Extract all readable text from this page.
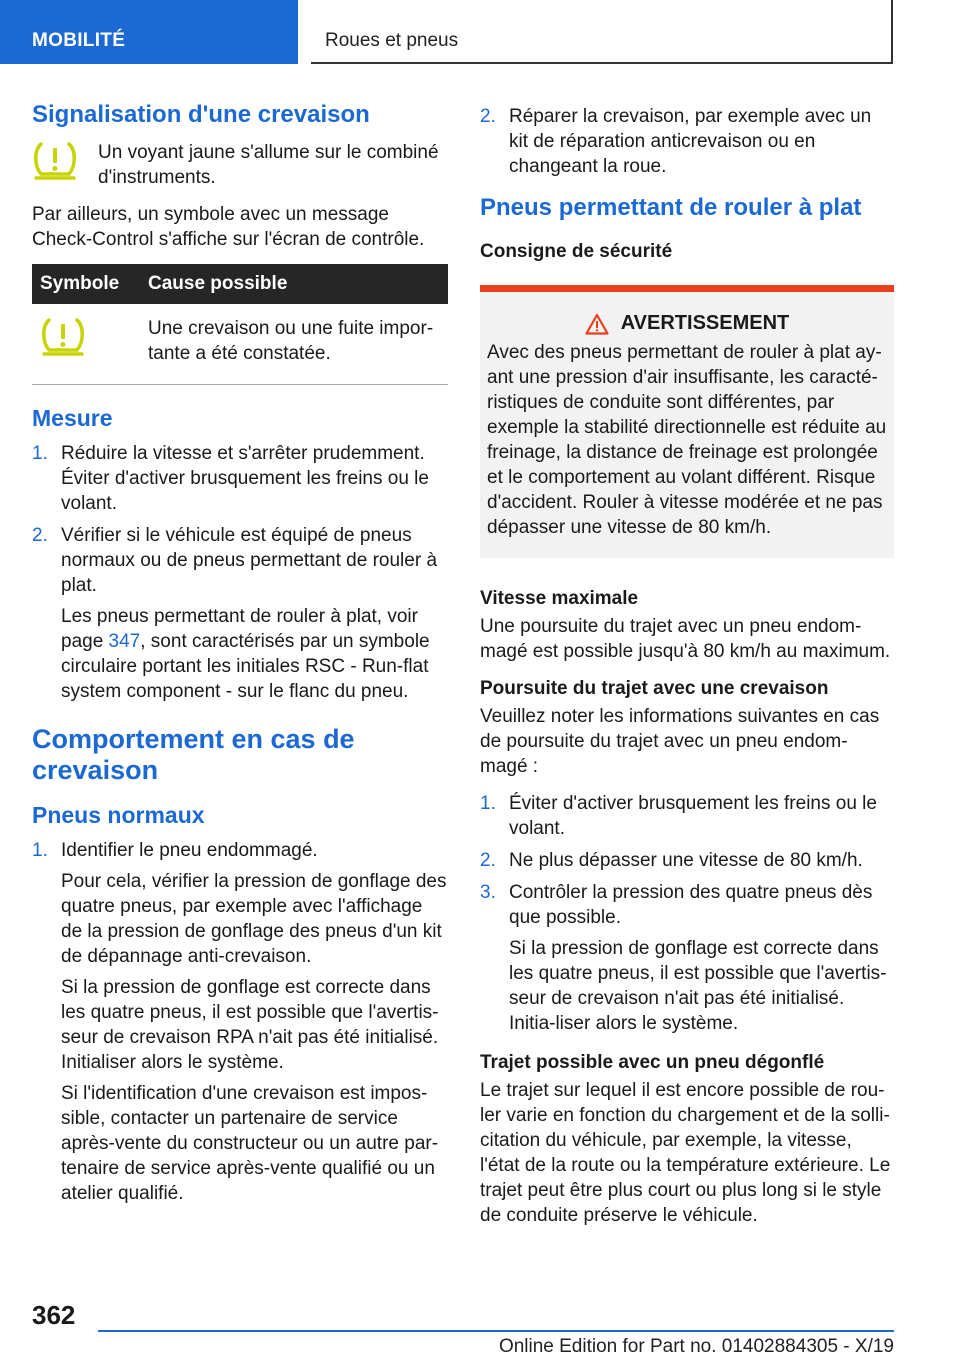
MOBILITÉ	Roues et pneus
Signalisation d'une crevaison
Un voyant jaune s'allume sur le combiné d'instruments.

Par ailleurs, un symbole avec un message Check-Control s'affiche sur l'écran de contrôle.

Symbole	Cause possible
	Une crevaison ou une fuite impor-tante a été constatée.
Mesure
1. Réduire la vitesse et s'arrêter prudemment. Éviter d'activer brusquement les freins ou le volant.
2. Vérifier si le véhicule est équipé de pneus normaux ou de pneus permettant de rouler à plat.

Les pneus permettant de rouler à plat, voir page 347, sont caractérisés par un symbole circulaire portant les initiales RSC - Run-flat system component - sur le flanc du pneu.

Comportement en cas de crevaison
Pneus normaux
1. Identifier le pneu endommagé.

Pour cela, vérifier la pression de gonflage des quatre pneus, par exemple avec l'affichage de la pression de gonflage des pneus d'un kit de dépannage anti-crevaison.

Si la pression de gonflage est correcte dans les quatre pneus, il est possible que l'avertis-seur de crevaison RPA n'ait pas été initialisé. Initialiser alors le système.

Si l'identification d'une crevaison est impos-sible, contacter un partenaire de service après-vente du constructeur ou un autre par-tenaire de service après-vente qualifié ou un atelier qualifié.

2. Réparer la crevaison, par exemple avec un kit de réparation anticrevaison ou en changeant la roue.
Pneus permettant de rouler à plat
Consigne de sécurité
AVERTISSEMENT

Avec des pneus permettant de rouler à plat ay-ant une pression d'air insuffisante, les caracté-ristiques de conduite sont différentes, par exemple la stabilité directionnelle est réduite au freinage, la distance de freinage est prolongée et le comportement au volant différent. Risque d'accident. Rouler à vitesse modérée et ne pas dépasser une vitesse de 80 km/h.

Vitesse maximale

Une poursuite du trajet avec un pneu endom-magé est possible jusqu'à 80 km/h au maximum.

Poursuite du trajet avec une crevaison

Veuillez noter les informations suivantes en cas de poursuite du trajet avec un pneu endom-magé :

1. Éviter d'activer brusquement les freins ou le volant.
2. Ne plus dépasser une vitesse de 80 km/h.
3. Contrôler la pression des quatre pneus dès que possible.

Si la pression de gonflage est correcte dans les quatre pneus, il est possible que l'avertis-seur de crevaison n'ait pas été initialisé. Initia-liser alors le système.

Trajet possible avec un pneu dégonflé

Le trajet sur lequel il est encore possible de rou-ler varie en fonction du chargement et de la solli-citation du véhicule, par exemple, la vitesse, l'état de la route ou la température extérieure. Le trajet peut être plus court ou plus long si le style de conduite préserve le véhicule.

362
Online Edition for Part no. 01402884305 - X/19
